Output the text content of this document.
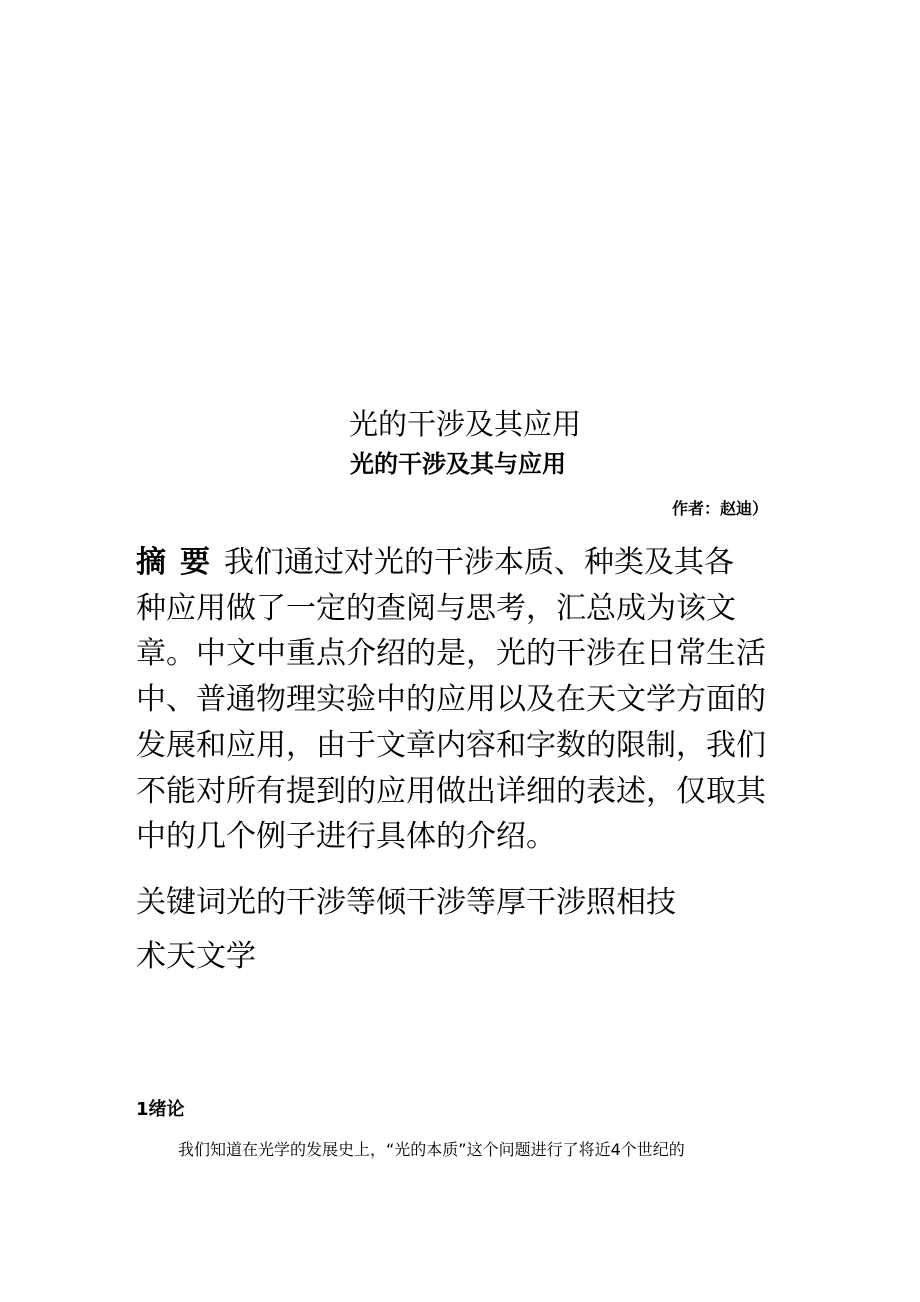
光的干涉及其应用
光的干涉及其与应用
作者：赵迪）

摘要我们通过对光的干涉本质、种类及其各

种应用做了一定的查阅与思考，汇总成为该文

章。中文中重点介绍的是，光的干涉在日常生活

中、普通物理实验中的应用以及在天文学方面的

发展和应用，由于文章内容和字数的限制，我们

不能对所有提到的应用做出详细的表述，仅取其

中的几个例子进行具体的介绍。

关键词光的干涉等倾干涉等厚干涉照相技

术天文学

1绪论
我们知道在光学的发展史上，“光的本质”这个问题进行了将近4个世纪的
